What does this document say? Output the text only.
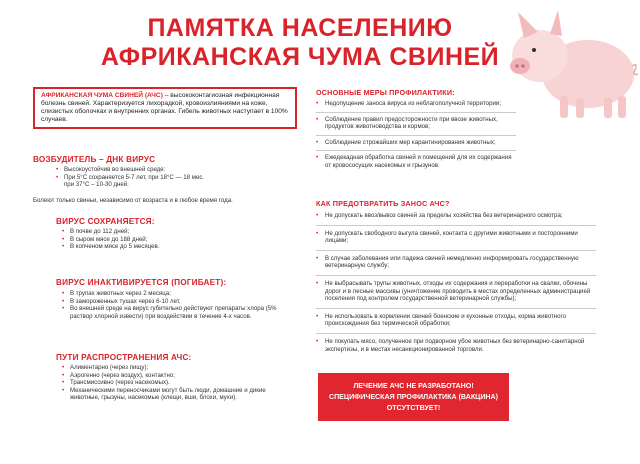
ПАМЯТКА НАСЕЛЕНИЮ
АФРИКАНСКАЯ ЧУМА СВИНЕЙ
АФРИКАНСКАЯ ЧУМА СВИНЕЙ (АЧС) – высококонтагиозная инфекционная болезнь свиней. Характеризуется лихорадкой, кровоизлияниями на коже, слизистых оболочках и внутренних органах. Гибель животных наступает в 100% случаев.
ВОЗБУДИТЕЛЬ – ДНК ВИРУС
• Высокоустойчив во внешней среде:
• При 5°С сохраняется 5-7 лет, при 18°С — 18 мес.
при 37°С – 10-30 дней.
Болеют только свиньи, независимо от возраста и в любое время года.
ВИРУС СОХРАНЯЕТСЯ:
• В почве до 112 дней;
• В сыром мясе до 188 дней;
• В копченом мясе до 5 месяцев.
ВИРУС ИНАКТИВИРУЕТСЯ (ПОГИБАЕТ):
• В трупах животных через 2 месяца;
• В замороженных тушах через 6-10 лет.
• Во внешней среде на вирус губительно действуют препараты хлора (5% раствор хлорной извести) при воздействии в течение 4-х часов.
ПУТИ РАСПРОСТРАНЕНИЯ АЧС:
• Алиментарно (через пищу);
• Аэрогенно (через воздух), контактно;
• Трансмиссивно (через насекомых).
• Механическими переносчиками могут быть люди, домашние и дикие животные, грызуны, насекомые (клещи, вши, блохи, мухи).
ОСНОВНЫЕ МЕРЫ ПРОФИЛАКТИКИ:
• Недопущение заноса вируса из неблагополучной территории;
• Соблюдение правил предосторожности при ввозе животных, продуктов животноводства и кормов;
• Соблюдение строжайших мер карантинирования животных;
• Ежедекадная обработка свиней и помещений для их содержания от кровососущих насекомых и грызунов.
КАК ПРЕДОТВРАТИТЬ ЗАНОС АЧС?
• Не допускать ввоз/вывоз свиней за пределы хозяйства без ветеринарного осмотра;
• Не допускать свободного выгула свиней, контакта с другими животными и посторонними лицами;
• В случае заболевания или падежа свиней немедленно информировать государственную ветеринарную службу;
• Не выбрасывать трупы животных, отходы их содержания и переработки на свалки, обочины дорог и в лесные массивы (уничтожение проводить в местах определенных администрацией поселения под контролем государственной ветеринарной службы);
• Не использовать в кормлении свиней боенские и кухонные отходы, корма животного происхождения без термической обработки;
• Не покупать мясо, полученное при подворном убое животных без ветеринарно-санитарной экспертизы, и в местах несанкционированной торговли.
ЛЕЧЕНИЕ АЧС НЕ РАЗРАБОТАНО!
СПЕЦИФИЧЕСКАЯ ПРОФИЛАКТИКА (ВАКЦИНА)
ОТСУТСТВУЕТ!
